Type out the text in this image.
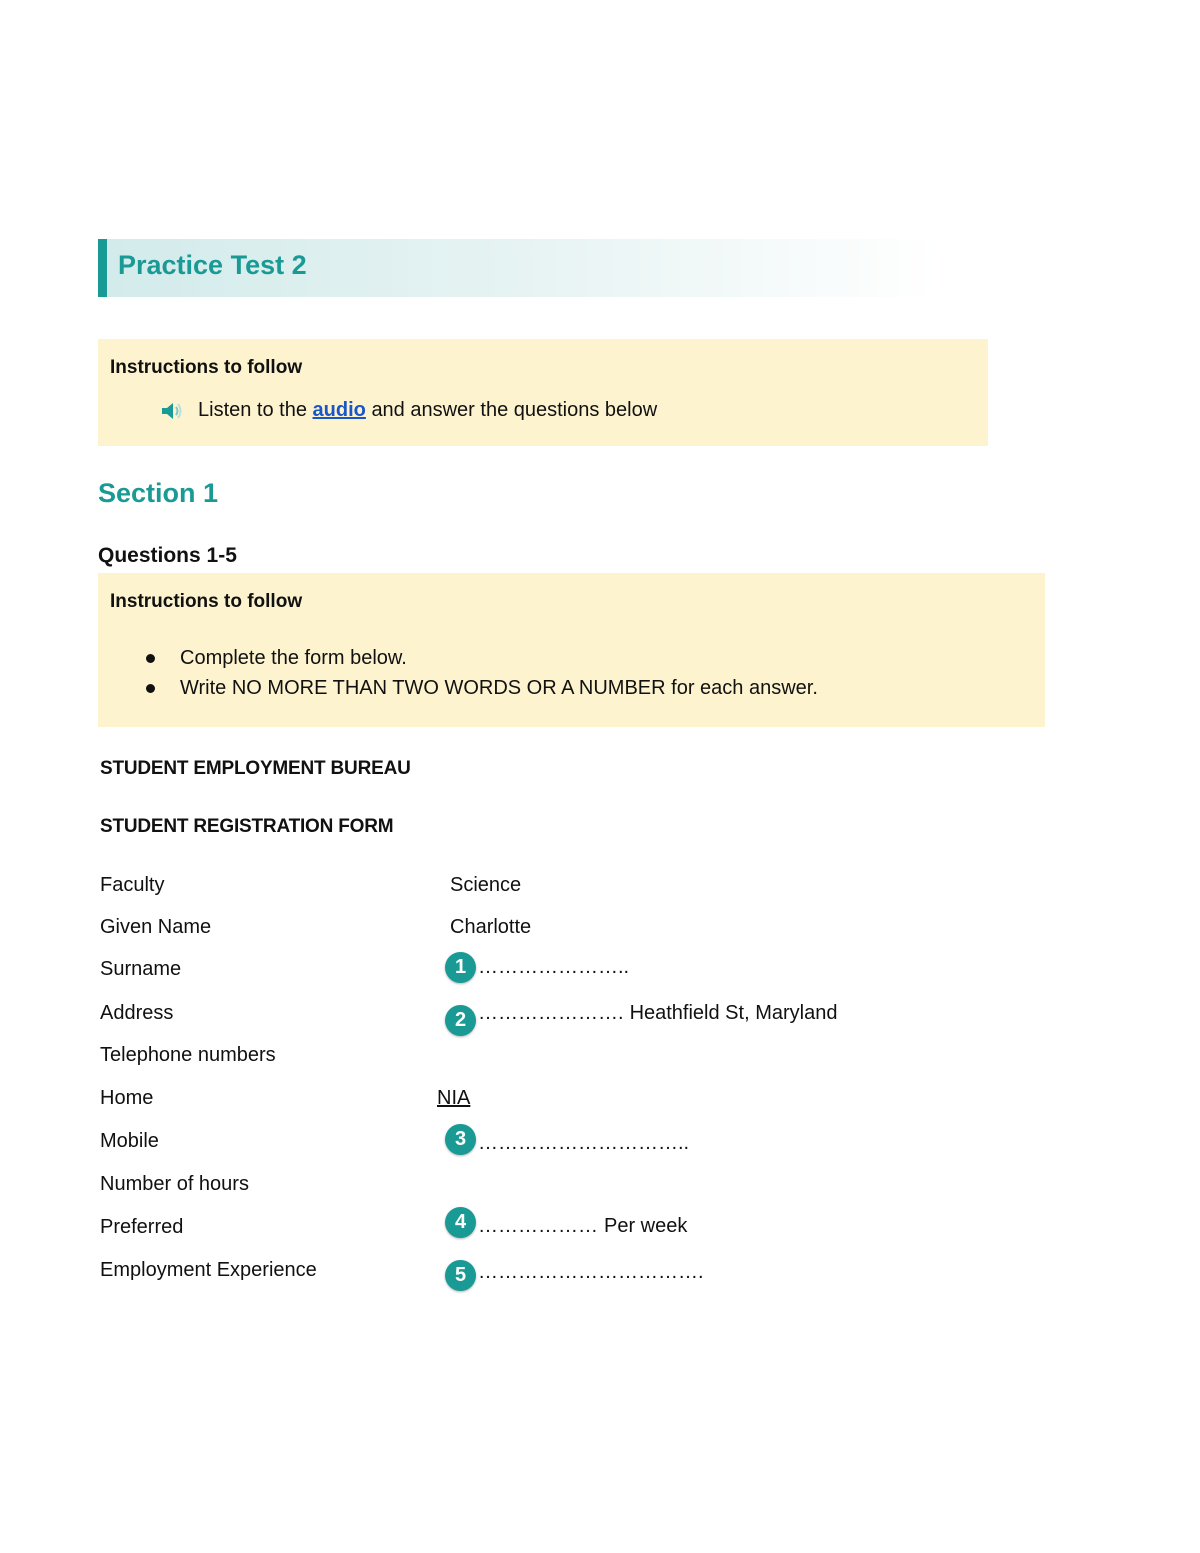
Practice Test 2
Instructions to follow
Listen to the
audio
and answer the questions below
Section 1
Questions 1-5
Instructions to follow
Complete the form below.
Write NO MORE THAN TWO WORDS OR A NUMBER for each answer.
STUDENT EMPLOYMENT BUREAU
STUDENT REGISTRATION FORM
Faculty	Science
Given Name	Charlotte
Surname	1 …………………..
Address	2 …………………. Heathfield St, Maryland
Telephone numbers
Home	NIA
Mobile	3 …………………………..
Number of hours
Preferred	4 ……………… Per week
Employment Experience	5 …………………………….
